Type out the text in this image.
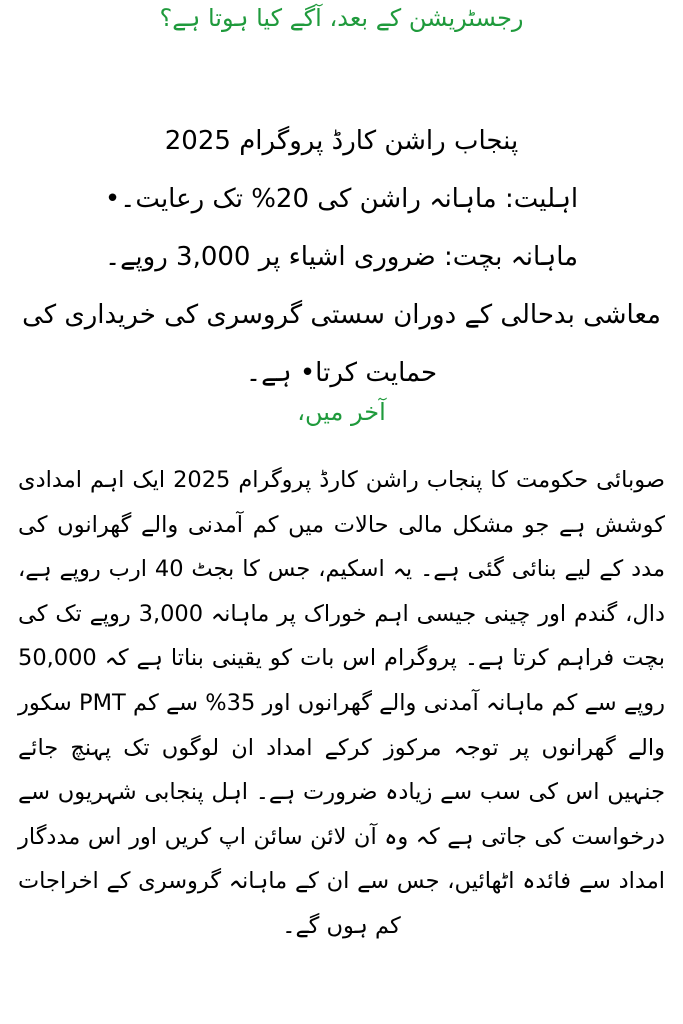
رجسٹریشن کے بعد، آگے کیا ہوتا ہے؟
پنجاب راشن کارڈ پروگرام 2025
اہلیت: ماہانہ راشن کی 20% تک رعایت۔•
ماہانہ بچت: ضروری اشیاء پر 3,000 روپے۔
معاشی بدحالی کے دوران سستی گروسری کی خریداری کی حمایت کرتا• ہے۔
آخر میں،
صوبائی حکومت کا پنجاب راشن کارڈ پروگرام 2025 ایک اہم امدادی کوشش ہے جو مشکل مالی حالات میں کم آمدنی والے گھرانوں کی مدد کے لیے بنائی گئی ہے۔ یہ اسکیم، جس کا بجٹ 40 ارب روپے ہے، دال، گندم اور چینی جیسی اہم خوراک پر ماہانہ 3,000 روپے تک کی بچت فراہم کرتا ہے۔ پروگرام اس بات کو یقینی بناتا ہے کہ 50,000 روپے سے کم ماہانہ آمدنی والے گھرانوں اور 35% سے کم PMT سکور والے گھرانوں پر توجہ مرکوز کرکے امداد ان لوگوں تک پہنچ جائے جنہیں اس کی سب سے زیادہ ضرورت ہے۔ اہل پنجابی شہریوں سے درخواست کی جاتی ہے کہ وہ آن لائن سائن اپ کریں اور اس مددگار امداد سے فائدہ اٹھائیں، جس سے ان کے ماہانہ گروسری کے اخراجات کم ہوں گے۔
